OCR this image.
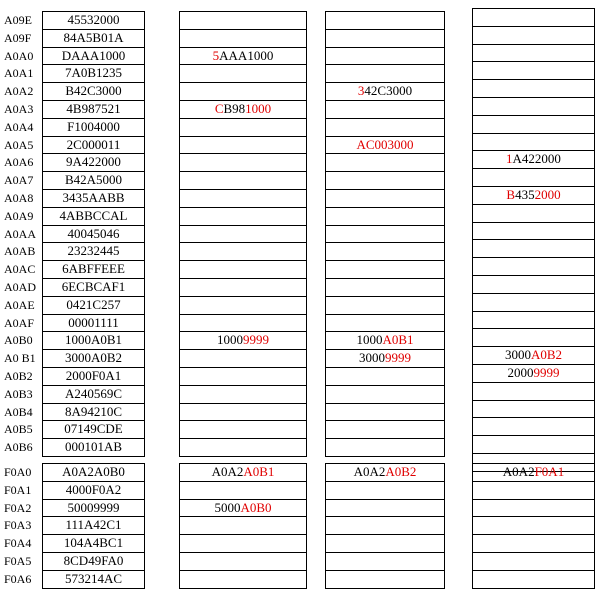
A09E
A09F
A0A0
A0A1
A0A2
A0A3
A0A4
A0A5
A0A6
A0A7
A0A8
A0A9
A0AA
A0AB
A0AC
A0AD
A0AE
A0AF
A0B0
A0 B1
A0B2
A0B3
A0B4
A0B5
A0B6
F0A0
F0A1
F0A2
F0A3
F0A4
F0A5
F0A6
45532000
84A5B01A
DAAA1000
7A0B1235
B42C3000
4B987521
F1004000
2C000011
9A422000
B42A5000
3435AABB
4ABBCCAL
40045046
23232445
6ABFFEEE
6ECBCAF1
0421C257
00001111
1000A0B1
3000A0B2
2000F0A1
A240569C
8A94210C
07149CDE
000101AB
A0A2A0B0
4000F0A2
50009999
111A42C1
104A4BC1
8CD49FA0
573214AC
5AAA1000
CB981000
10009999
A0A2A0B1
5000A0B0
342C3000
AC003000
1000A0B1
30009999
A0A2A0B2
1A422000
B4352000
3000A0B2
20009999
A0A2F0A1
